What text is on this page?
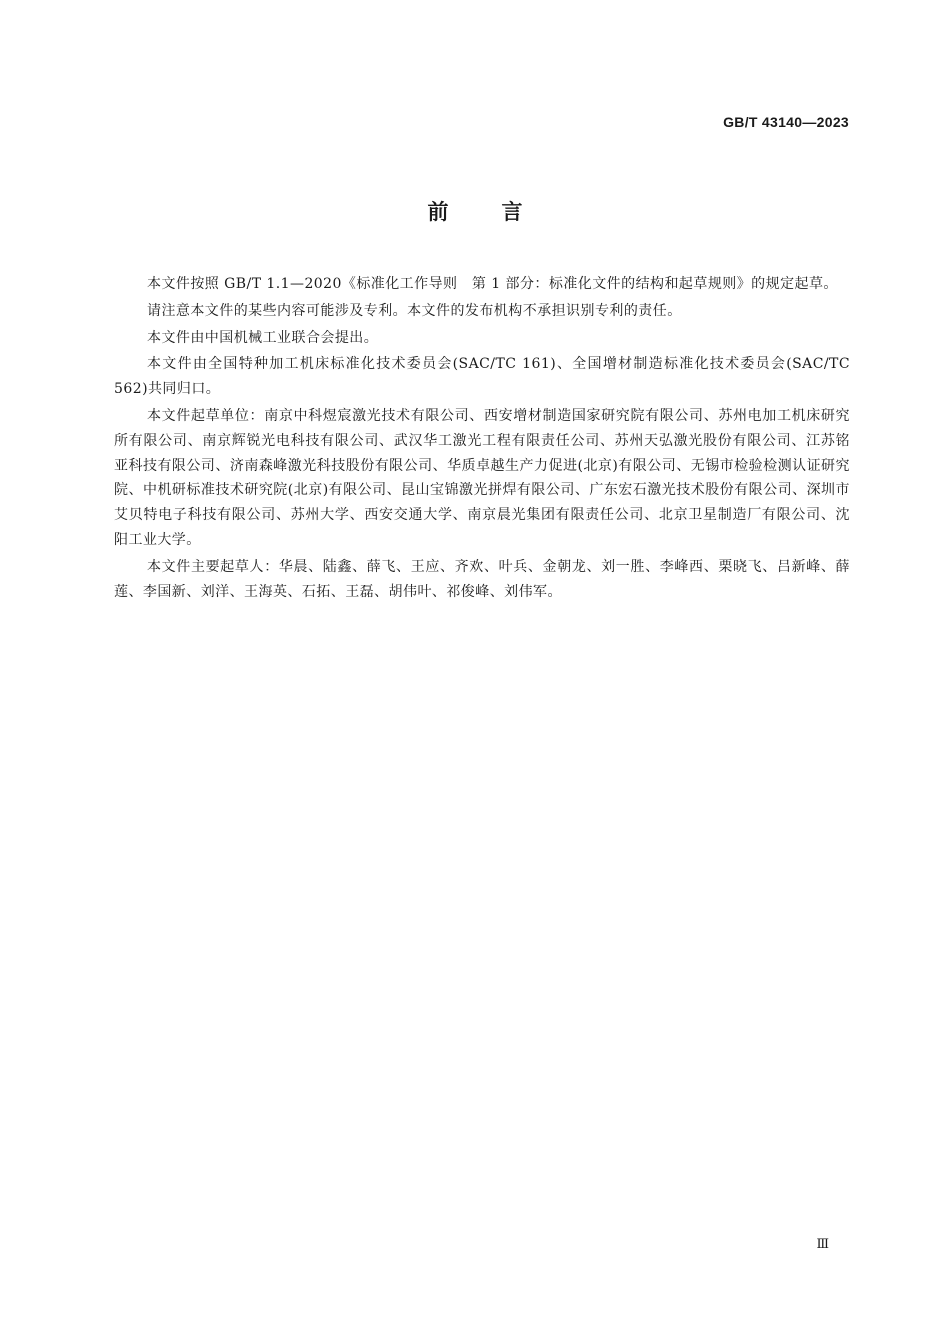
GB/T 43140—2023
前言

本文件按照 GB/T 1.1—2020《标准化工作导则　第 1 部分：标准化文件的结构和起草规则》的规定起草。

请注意本文件的某些内容可能涉及专利。本文件的发布机构不承担识别专利的责任。

本文件由中国机械工业联合会提出。

本文件由全国特种加工机床标准化技术委员会(SAC/TC 161)、全国增材制造标准化技术委员会(SAC/TC 562)共同归口。

本文件起草单位：南京中科煜宸激光技术有限公司、西安增材制造国家研究院有限公司、苏州电加工机床研究所有限公司、南京辉锐光电科技有限公司、武汉华工激光工程有限责任公司、苏州天弘激光股份有限公司、江苏铭亚科技有限公司、济南森峰激光科技股份有限公司、华质卓越生产力促进(北京)有限公司、无锡市检验检测认证研究院、中机研标准技术研究院(北京)有限公司、昆山宝锦激光拼焊有限公司、广东宏石激光技术股份有限公司、深圳市艾贝特电子科技有限公司、苏州大学、西安交通大学、南京晨光集团有限责任公司、北京卫星制造厂有限公司、沈阳工业大学。

本文件主要起草人：华晨、陆鑫、薛飞、王应、齐欢、叶兵、金朝龙、刘一胜、李峰西、栗晓飞、吕新峰、薛莲、李国新、刘洋、王海英、石拓、王磊、胡伟叶、祁俊峰、刘伟军。

Ⅲ
